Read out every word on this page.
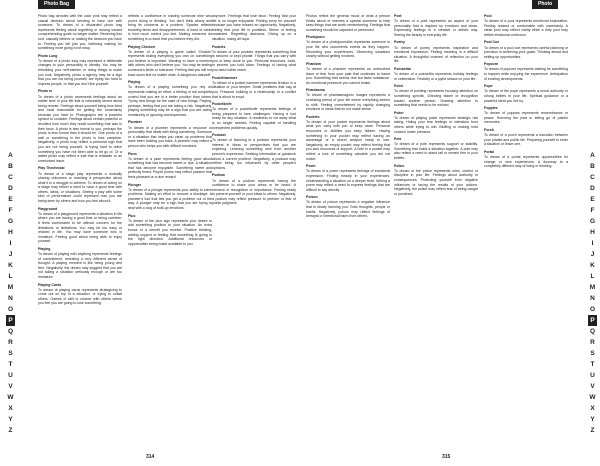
Photo Bag

Photo bag denotes with the color pink may reflect a casual decision about needing to have one with someone. To dream of a discarded photo bag represents feeling about regretting or moving toward comprehending goals no longer matter. Receiving this sort, casually believe or making the decision you have to. Feeling you tell just you, believing making for something more going to be easy.

Photo Lung

To dream of a photo lung may represent a deliberate changes to your personality or identity. You may be rebuilding your self-esteem or doing things to make you look. Negatively, photo a agency may be a sign that you are not being yourself, are trying too hard to impress people, or that you don't like yourself.

Photo re

To dream of a photo represents feelings about an earlier time of your life that is noticeably stored about being remote. Feelings about yourself being less fixed and most reasonable for getting the uncertainty because you have to. Photographs are a powerful symbol to consider. Feelings about certain powerful or recollect how much they recall something that was in their favor. A photo is less formal to you, perhaps the photo is less formal than it should be. One photo of a wall or something in the photo is less complete. Negatively, a photo may reflect a personal sign that you are not being yourself, is trying hard to relive something you have not been able to let go of. Or a wallet photo may reflect a trait that is relatable or an unresolved issue.

Play Thechnical

To dream of a stage play represents a mutually sharing outcomes or reaching a perspective about what it is a struggle to achieve. To dream of acting on a stage may reflect a need to have a good time with others, ideas, or situations. Seeing a play with some kind of performance could represent how you are being seen by others and how you feel about it.

Playground

To dream of a playground represents a situation in life where you are having a good time or being carefree. It feels comfortable to be without concern for the limitations or limitations. You may be too easy or relaxed in life. You may have someone who is immature. Feeling good about being able to enjoy yourself.

Playing

To dream of playing with anything represents feelings of commitment, revealing a very different sense of thought. A playing moment is like being young and free. Negatively, the dream may suggest that you are not taking a situation seriously enough or are too immature.

Playing Cards

To dream of playing cards represents strategizing to come out on top in a situation, or trying to outwit others. Games of skill or chance with others where you feel you are going to lose something.

reflects a confidence in sharing someone else who you're doing or thinking. You don't think wisely and bring its concerns to a problem. Spades reflects troubling times and disappointments. A hand of cards is how much control you feel. Making someone do something is a result that you believe they did.

Playing Chicken

To dream of a playing a game called 'Chicken' represents risking everything you own on something you believe is important. Wanting to have a moment with others who don't believe you. You may be testing someone's limits or tolerance. Feeling that you will not back down first no matter what. A dangerous standoff.

Playing

To dream of a playing something you rely on represents making an effort, a feeling of not complete control that you are in a better position than others. Trying new things for the sake of new things. Playing, perhaps, feeling that you are taking a risk. Negatively, playing something may be a sign that you are acting immaturely or ignoring consequences.

Plumber

To dream of a plumber represents a resource or personality that deals with fixing something. Someone or a situation that helps you clean up problems that have been holding you back. A plumber may reflect a person who helps you with difficult emotions.

Plum

To dream of a plum represents feeling good about something that has become sweet or ripe. A situation that has become enjoyable. Something sweet and perfectly timed. Purple plums may reflect passion that feels pleasant or a nice reward.

Plunger

To dream of a plunger represents your ability to solve problems. Making an effort to remove a blockage. A plumber's tool that lets you get a problem out of the way. A plunger may be a sign that you are trying to deal with a clog of built-up emotions.

Plus

To dream of the plus sign represents your desire to add something positive to your situation. An extra bonus or a benefit you receive. Positive thinking, adding support or feeling that something is going in the right direction. Additional resources or opportunities being made available to you.

anymore. Feelings that lose favor. Feeling that your life is no longer enjoyable. Feeling sorry for yourself because you have missed an opportunity. Negatively, feeling that your life is pointless. Stress of feeling unwanted. Regretting decisions. Giving up on a situation, losing all hope.

Pockets

To dream of your pockets represents something that is secured or kept private. Things that you carry with you or keep close to you. Personal resources, tools, or secrets you hold close. Feelings of having what you need within reach.

Pockethammer

To dream of a pocket hammer represents tension in a situation or your temper. Small problems that nag at you. Pressure building in a relationship or a conflict that is about to erupt.

Pocketknife

To dream of a pocketknife represents feelings of being prepared to face challenges. Having a tool ready for any situation. A readiness to cut away what is no longer needed. Feeling capable of handling unexpected problems quickly.

Podcast

To dream of listening to a podcast represents your interest in ideas or perspectives that you are exploring. Learning something new from another person's experience. Seeking information or guidance about a current problem. Negatively, a podcast may reflect being too influenced by other people's opinions.

Podium

To dream of a podium represents having the confidence to share your views or be heard. A moment of recognition or importance. Feeling ready to present yourself or your ideas to others. Negatively, a podium may reflect pressure to perform or fear of public judgment.

A
B
C
D
E
F
G
H
I
J
K
L
M
N
O
P
Q
R
S
T
U
V
W
X
Y
Z
314
Photo

Photos reflect the general mood of what a person thinks about or reaches a special someone to help keep things that are worth remembering. Feelings that something should be captured or preserved.

Photojourn

To dream of a photojournalist represents someone in your life who documents events as they happen. Recording your experiences. Observing situations closely without getting involved.

Phantom

To dream of a phantom represents an unresolved issue or fear from your past that continues to haunt you. Something that seems real but lacks substance. An emotional presence you cannot shake.

Phantasma

To dream of phantasmagoric images represents a confusing period of your life where everything seems to shift. Feeling overwhelmed by rapidly changing emotions or ideas that do not make sense.

Pockets

To dream of your pocket represents feelings about what you carry with you or keep close. Personal resources or abilities you keep hidden. Having something in your pocket may reflect having an advantage or a secret weapon ready to use. Negatively, an empty pocket may reflect feeling that you lack resources or support. A hole in a pocket may reflect a loss of something valuable you did not notice.

Poem

To dream of a poem represents feelings of emotional expression. Finding beauty in your experiences. Understanding a situation on a deeper level. Writing a poem may reflect a need to express feelings that are difficult to say directly.

Poison

To dream of poison represents a negative influence that is slowly harming you. Toxic thoughts, people or habits. Negatively, poison may reflect feelings of betrayal or intentional harm from others.

Poet

To dream of a poet represents an aspect of your personality that is inspired by emotions and ideas. Expressing feelings in a creative or artistic way. Seeing the beauty in everyday life.

Poetry

To dream of poetry represents inspiration and emotional expression. Finding meaning in a difficult situation. A thoughtful moment of reflection on your life.

Poinsettia

To dream of a poinsettia represents holiday feelings or celebration. Festivity or a joyful season in your life.

Point

To dream of pointing represents focusing attention on something specific. Directing blame or recognition toward another person. Drawing attention to something that needs to be noticed.

Poker

To dream of playing poker represents strategic risk taking. Hiding your true feelings or intentions from others while trying to win. Bluffing or making bold choices under pressure.

Pole

To dream of a pole represents support or stability. Something that holds a situation together. A pole may also reflect a need to stand tall or remain firm in your beliefs.

Police

To dream of the police represents rules, control or discipline in your life. Feelings about authority or consequences. Protecting yourself from negative influences or facing the results of your actions. Negatively, the police may reflect fear of being caught or punished.

Pool

To dream of a pool represents emotional exploration. Feeling relaxed or comfortable with uncertainty. A clean pool may reflect clarity while a dirty pool may reflect emotional confusion.

Pool Cue

To dream of a pool cue represents careful planning or precision in achieving your goals. Thinking ahead and setting up opportunities.

Popcorn

To dream of popcorn represents waiting for something to happen while enjoying the experience. Anticipation of exciting developments.

Pope

To dream of the pope represents a moral authority or strong beliefs in your life. Spiritual guidance or a powerful ideal you live by.

Poppies

To dream of poppies represents remembrance or peace. Honoring the past or letting go of painful memories.

Porch

To dream of a porch represents a transition between your private and public life. Preparing yourself to enter a situation or leave one.

Portal

To dream of a portal represents opportunities for change or new experiences. A doorway to a completely different way of living or thinking.

A
B
C
D
E
F
G
H
I
J
K
L
M
N
O
P
Q
R
S
T
U
V
W
X
Y
Z
315
